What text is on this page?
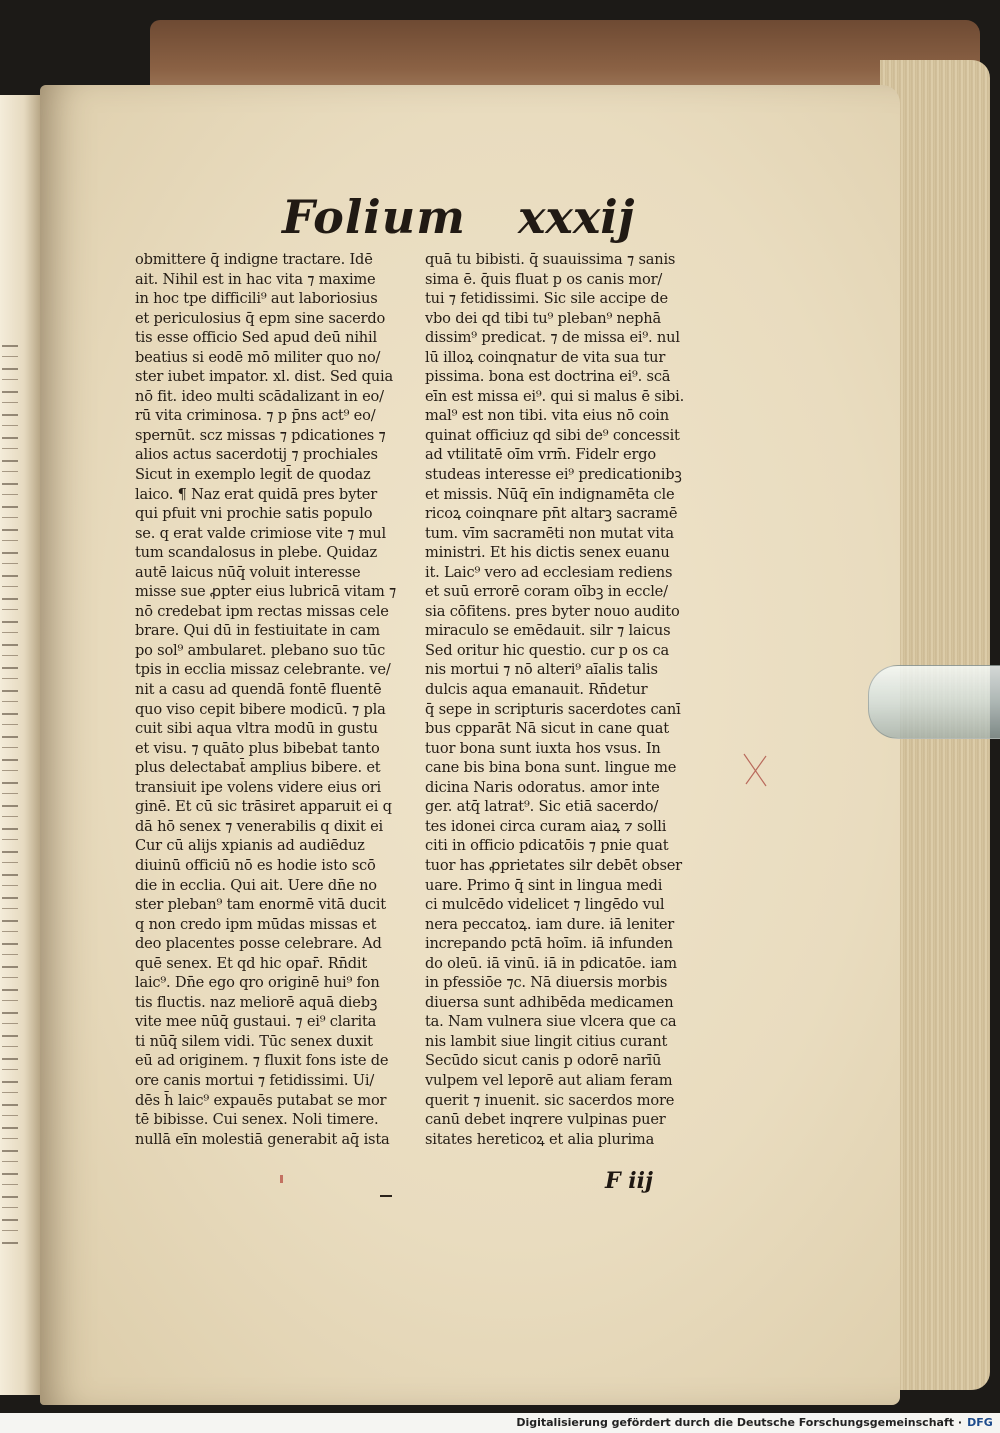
Folium xxxij
obmittere q̄ indigne tractare. Idē
ait. Nihil est in hac vita ⁊ maxime
in hoc tpe difficili⁹ aut laboriosius
et periculosius q̄ epm sine sacerdo
tis esse officio Sed apud deū nihil
beatius si eodē mō militer quo no/
ster iubet impator. xl. dist. Sed quia
nō fit. ideo multi scādalizant in eo/
rū vita criminosa. ⁊ p p̄ns act⁹ eo/
spernūt. scz missas ⁊ pdicationes ⁊
alios actus sacerdotij ⁊ prochiales
Sicut in exemplo legit̄ de quodaz
laico. ¶ Naz erat quidā pres byter
qui pfuit vni prochie satis populo
se. q erat valde crimiose vite ⁊ mul
tum scandalosus in plebe. Quidaz
autē laicus nūq̄ voluit interesse
misse sue ꝓpter eius lubricā vitam ⁊
nō credebat ipm rectas missas cele
brare. Qui dū in festiuitate in cam
po sol⁹ ambularet. plebano suo tūc
tpis in ecclia missaz celebrante. ve/
nit a casu ad quendā fontē fluentē
quo viso cepit bibere modicū. ⁊ pla
cuit sibi aqua vltra modū in gustu
et visu. ⁊ quāto plus bibebat tanto
plus delectabat̄ amplius bibere. et
transiuit ipe volens videre eius ori
ginē. Et cū sic trāsiret apparuit ei q
dā hō senex ⁊ venerabilis q dixit ei
Cur cū alijs xpianis ad audiēduz
diuinū officiū nō es hodie isto scō
die in ecclia. Qui ait. Uere dn̄e no
ster pleban⁹ tam enormē vitā ducit
q non credo ipm mūdas missas et
deo placentes posse celebrare. Ad
quē senex. Et qd hic opar̄. Rn̄dit
laic⁹. Dn̄e ego qro originē hui⁹ fon
tis fluctis. naz meliorē aquā diebꝫ
vite mee nūq̄ gustaui. ⁊ ei⁹ clarita
ti nūq̄ silem vidi. Tūc senex duxit
eū ad originem. ⁊ fluxit fons iste de
ore canis mortui ⁊ fetidissimi. Ui/
dēs h̄ laic⁹ expauēs putabat se mor
tē bibisse. Cui senex. Noli timere.
nullā eīn molestiā generabit aq̄ ista
quā tu bibisti. q̄ suauissima ⁊ sanis
sima ē. q̄uis fluat p os canis mor/
tui ⁊ fetidissimi. Sic sile accipe de
vbo dei qd tibi tu⁹ pleban⁹ nephā
dissim⁹ predicat. ⁊ de missa ei⁹. nul
lū illoꝝ coinqnatur de vita sua tur
pissima. bona est doctrina ei⁹. scā
eīn est missa ei⁹. qui si malus ē sibi.
mal⁹ est non tibi. vita eius nō coin
quinat officiuz qd sibi de⁹ concessit
ad vtilitatē oīm vrm̄. Fidelr ergo
studeas interesse ei⁹ predicationibꝫ
et missis. Nūq̄ eīn indignamēta cle
ricoꝝ coinqnare pn̄t altarꝫ sacramē
tum. vīm sacramēti non mutat vita
ministri. Et his dictis senex euanu
it. Laic⁹ vero ad ecclesiam rediens
et suū errorē coram oībꝫ in eccle/
sia cōfitens. pres byter nouo audito
miraculo se emēdauit. silr ⁊ laicus
Sed oritur hic questio. cur p os ca
nis mortui ⁊ nō alteri⁹ aīalis talis
dulcis aqua emanauit. Rn̄detur
q̄ sepe in scripturis sacerdotes canī
bus cpparāt Nā sicut in cane quat
tuor bona sunt iuxta hos vsus. In
cane bis bina bona sunt. lingue me
dicina Naris odoratus. amor inte
ger. atq̄ latrat⁹. Sic etiā sacerdo/
tes idonei circa curam aiaꝝ ⁊ solli
citi in officio pdicatōis ⁊ pnie quat
tuor has ꝓprietates silr debēt obser
uare. Primo q̄ sint in lingua medi
ci mulcēdo videlicet ⁊ lingēdo vul
nera peccatoꝝ. iam dure. iā leniter
increpando pctā hoīm. iā infunden
do oleū. iā vinū. iā in pdicatōe. iam
in pfessiōe ⁊c. Nā diuersis morbis
diuersa sunt adhibēda medicamen
ta. Nam vulnera siue vlcera que ca
nis lambit siue lingit citius curant
Secūdo sicut canis p odorē narīū
vulpem vel leporē aut aliam feram
querit ⁊ inuenit. sic sacerdos more
canū debet inqrere vulpinas puer
sitates hereticoꝝ et alia plurima
F iij
Digitalisierung gefördert durch die Deutsche Forschungsgemeinschaft · DFG
